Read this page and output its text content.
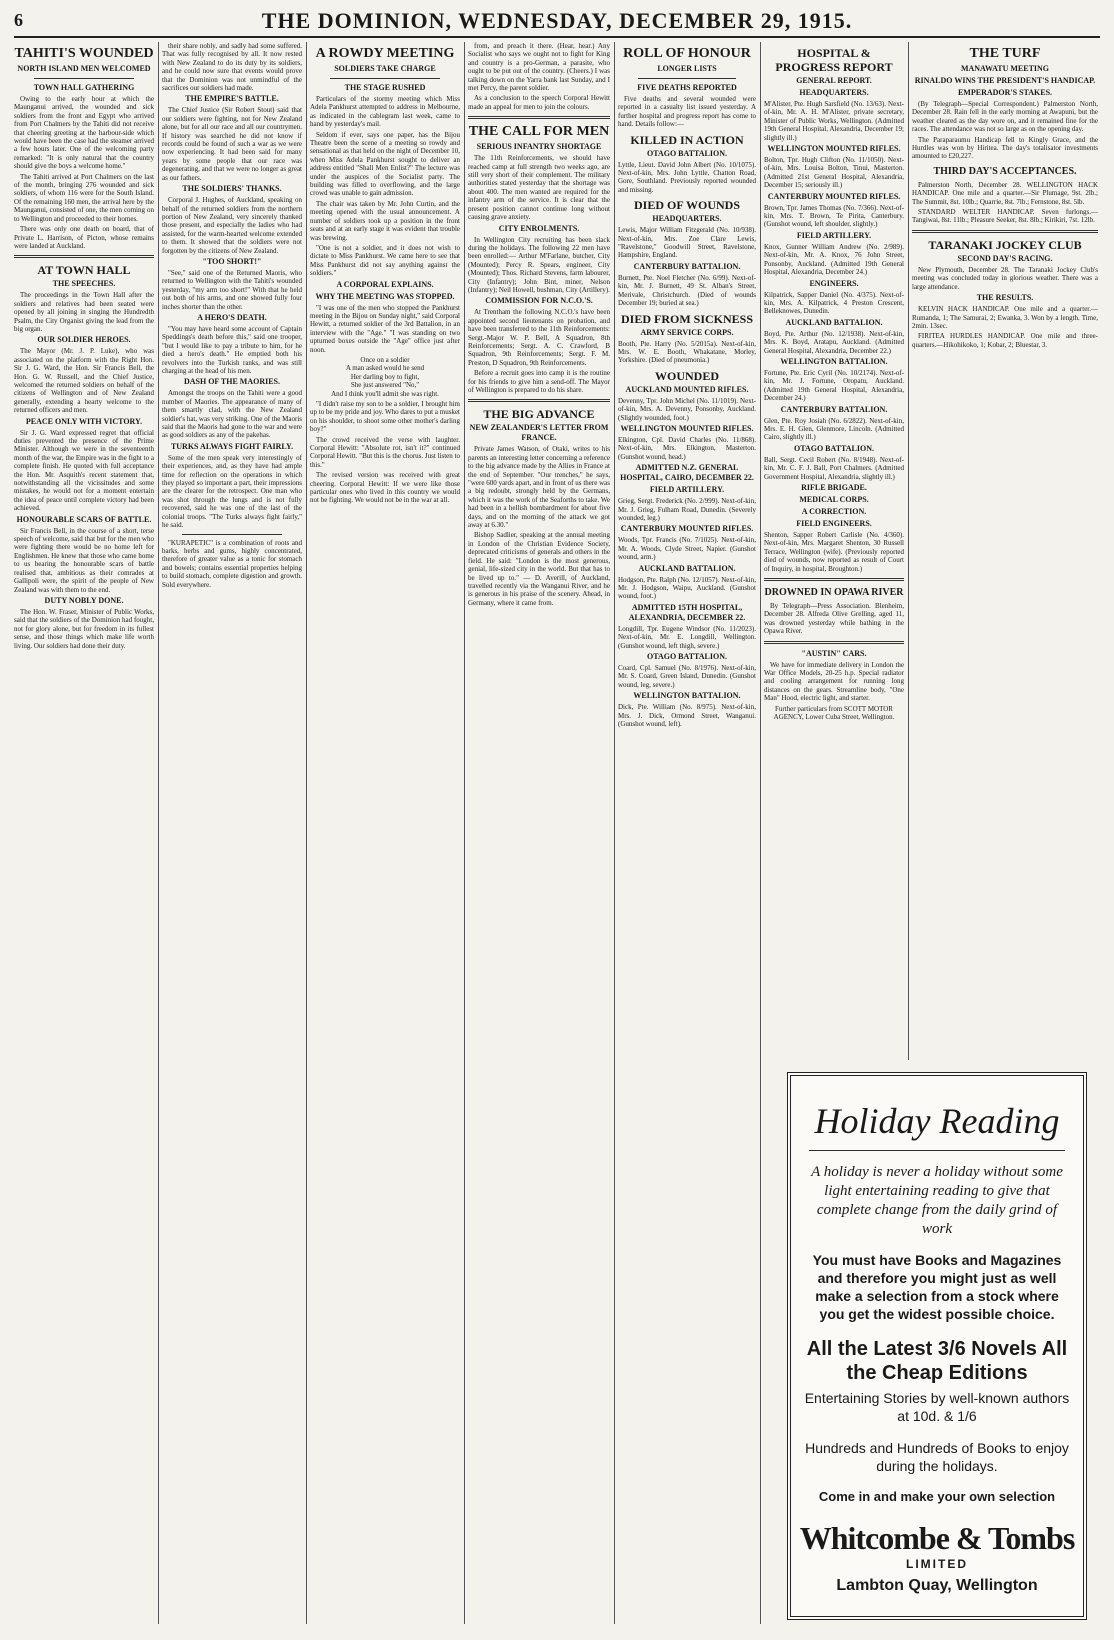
6	THE DOMINION, WEDNESDAY, DECEMBER 29, 1915.
TAHITI'S WOUNDED
NORTH ISLAND MEN WELCOMED
TOWN HALL GATHERING

Owing to the early hour at which the Maunganui arrived, the wounded and sick soldiers from the front and Egypt who arrived from Port Chalmers by the Tahiti did not receive that cheering greeting at the harbour-side which would have been the case had the steamer arrived a few hours later. One of the welcoming party remarked: "It is only natural that the country should give the boys a welcome home."

The Tahiti arrived at Port Chalmers on the last of the month, bringing 276 wounded and sick soldiers, of whom 116 were for the South Island. Of the remaining 160 men, the arrival here by the Maunganui, consisted of one, the men coming on to Wellington and proceeded to their homes.

There was only one death on board, that of Private L. Harrison, of Picton, whose remains were landed at Auckland.

AT TOWN HALL
THE SPEECHES.

The proceedings in the Town Hall after the soldiers and relatives had been seated were opened by all joining in singing the Hundredth Psalm, the City Organist giving the lead from the big organ.

OUR SOLDIER HEROES.

The Mayor (Mr. J. P. Luke), who was associated on the platform with the Right Hon. Sir J. G. Ward, the Hon. Sir Francis Bell, the Hon. G. W. Russell, and the Chief Justice, welcomed the returned soldiers on behalf of the citizens of Wellington and of New Zealand generally, extending a hearty welcome to the returned officers and men.

PEACE ONLY WITH VICTORY.

Sir J. G. Ward expressed regret that official duties prevented the presence of the Prime Minister. Although we were in the seventeenth month of the war, the Empire was in the fight to a complete finish. He quoted with full acceptance the Hon. Mr. Asquith's recent statement that, notwithstanding all the vicissitudes and some mistakes, he would not for a moment entertain the idea of peace until complete victory had been achieved.

HONOURABLE SCARS OF BATTLE.

Sir Francis Bell, in the course of a short, terse speech of welcome, said that but for the men who were fighting there would be no home left for Englishmen. He knew that those who came home to us bearing the honourable scars of battle realised that, ambitious as their comrades at Gallipoli were, the spirit of the people of New Zealand was with them to the end.

DUTY NOBLY DONE.

The Hon. W. Fraser, Minister of Public Works, said that the soldiers of the Dominion had fought, not for glory alone, but for freedom in its fullest sense, and those things which make life worth living. Our soldiers had done their duty.

their share nobly, and sadly had some suffered. That was fully recognised by all. It now rested with New Zealand to do its duty by its soldiers, and he could now sure that events would prove that the Dominion was not unmindful of the sacrifices our soldiers had made.

THE EMPIRE'S BATTLE.

The Chief Justice (Sir Robert Stout) said that our soldiers were fighting, not for New Zealand alone, but for all our race and all our countrymen. If history was searched he did not know if records could be found of such a war as we were now experiencing. It had been said for many years by some people that our race was degenerating, and that we were no longer as great as our fathers.

THE SOLDIERS' THANKS.

Corporal J. Hughes, of Auckland, speaking on behalf of the returned soldiers from the northern portion of New Zealand, very sincerely thanked those present, and especially the ladies who had assisted, for the warm-hearted welcome extended to them. It showed that the soldiers were not forgotten by the citizens of New Zealand.

"TOO SHORT!"

"See," said one of the Returned Maoris, who returned to Wellington with the Tahiti's wounded yesterday, "my arm too short!" With that he held out both of his arms, and one showed fully four inches shorter than the other.

A HERO'S DEATH.

"You may have heard some account of Captain Speddings's death before this," said one trooper, "but I would like to pay a tribute to him, for he died a hero's death." He emptied both his revolvers into the Turkish ranks, and was still charging at the head of his men.

DASH OF THE MAORIES.

Amongst the troops on the Tahiti were a good number of Maories. The appearance of many of them smartly clad, with the New Zealand soldier's hat, was very striking. One of the Maoris said that the Maoris had gone to the war and were as good soldiers as any of the pakehas.

TURKS ALWAYS FIGHT FAIRLY.

Some of the men speak very interestingly of their experiences, and, as they have had ample time for reflection on the operations in which they played so important a part, their impressions are the clearer for the retrospect. One man who was shot through the lungs and is not fully recovered, said he was one of the last of the colonial troops. "The Turks always fight fairly," he said.

"KURAPETIC" is a combination of roots and barks, herbs and gums, highly concentrated, therefore of greater value as a tonic for stomach and bowels; contains essential properties helping to build stomach, complete digestion and growth. Sold everywhere.

A ROWDY MEETING
SOLDIERS TAKE CHARGE
THE STAGE RUSHED

Particulars of the stormy meeting which Miss Adela Pankhurst attempted to address in Melbourne, as indicated in the cablegram last week, came to hand by yesterday's mail.

Seldom if ever, says one paper, has the Bijou Theatre been the scene of a meeting so rowdy and sensational as that held on the night of December 10, when Miss Adela Pankhurst sought to deliver an address entitled "Shall Men Enlist?" The lecture was under the auspices of the Socialist party. The building was filled to overflowing, and the large crowd was unable to gain admission.

The chair was taken by Mr. John Curtin, and the meeting opened with the usual announcement. A number of soldiers took up a position in the front seats and at an early stage it was evident that trouble was brewing.

"One is not a soldier, and it does not wish to dictate to Miss Pankhurst. We came here to see that Miss Pankhurst did not say anything against the soldiers."

A CORPORAL EXPLAINS.
WHY THE MEETING WAS STOPPED.

"I was one of the men who stopped the Pankhurst meeting in the Bijou on Sunday night," said Corporal Hewitt, a returned soldier of the 3rd Battalion, in an interview with the "Age." "I was standing on two upturned boxes outside the "Age" office just after noon.

Once on a soldier
A man asked would he send
Her darling boy to fight,
She just answered "No,"
And I think you'll admit she was right.

"I didn't raise my son to be a soldier, I brought him up to be my pride and joy. Who dares to put a musket on his shoulder, to shoot some other mother's darling boy?"

The crowd received the verse with laughter. Corporal Hewitt: "Absolute rot, isn't it?" continued Corporal Hewitt. "But this is the chorus. Just listen to this."

The revised version was received with great cheering. Corporal Hewitt: If we were like those particular ones who lived in this country we would not be fighting. We would not be in the war at all.

from, and preach it there. (Hear, hear.) Any Socialist who says we ought not to fight for King and country is a pro-German, a parasite, who ought to be put out of the country. (Cheers.) I was talking down on the Yarra bank last Sunday, and I met Percy, the parent soldier.

As a conclusion to the speech Corporal Hewitt made an appeal for men to join the colours.

THE CALL FOR MEN
SERIOUS INFANTRY SHORTAGE

The 11th Reinforcements, we should have reached camp at full strength two weeks ago, are still very short of their complement. The military authorities stated yesterday that the shortage was about 400. The men wanted are required for the infantry arm of the service. It is clear that the present position cannot continue long without causing grave anxiety.

CITY ENROLMENTS.

In Wellington City recruiting has been slack during the holidays. The following 22 men have been enrolled:— Arthur M'Farlane, butcher, City (Mounted); Percy R. Spears, engineer, City (Mounted); Thos. Richard Stevens, farm labourer, City (Infantry); John Bint, miner, Nelson (Infantry); Neil Howell, bushman, City (Artillery).

COMMISSION FOR N.C.O.'S.

At Trentham the following N.C.O.'s have been appointed second lieutenants on probation, and have been transferred to the 11th Reinforcements: Sergt.-Major W. P. Bell, A Squadron, 8th Reinforcements; Sergt. A. C. Crawford, B Squadron, 9th Reinforcements; Sergt. F. M. Preston, D Squadron, 9th Reinforcements.

Before a recruit goes into camp it is the routine for his friends to give him a send-off. The Mayor of Wellington is prepared to do his share.

THE BIG ADVANCE
NEW ZEALANDER'S LETTER FROM FRANCE.

Private James Watson, of Otaki, writes to his parents an interesting letter concerning a reference to the big advance made by the Allies in France at the end of September. "Our trenches," he says, "were 600 yards apart, and in front of us there was a big redoubt, strongly held by the Germans, which it was the work of the Seaforths to take. We had been in a hellish bombardment for about five days, and on the morning of the attack we got away at 6.30."

Bishop Sadlier, speaking at the annual meeting in London of the Christian Evidence Society, deprecated criticisms of generals and others in the field. He said: "London is the most generous, genial, life-sized city in the world. But that has to be lived up to." — D. Averill, of Auckland, travelled recently via the Wanganui River, and he is generous in his praise of the scenery. Ahead, in Germany, where it came from.

ROLL OF HONOUR
LONGER LISTS
FIVE DEATHS REPORTED

Five deaths and several wounded were reported in a casualty list issued yesterday. A further hospital and progress report has come to hand. Details follow:—

KILLED IN ACTION
OTAGO BATTALION.

Lyttle, Lieut. David John Albert (No. 10/1075). Next-of-kin, Mrs. John Lyttle, Chatton Road, Gore, Southland. Previously reported wounded and missing.

DIED OF WOUNDS
HEADQUARTERS.

Lewis, Major William Fitzgerald (No. 10/938). Next-of-kin, Mrs. Zoe Clare Lewis, "Ravelstone," Goodwill Street, Ravelstone, Hampshire, England.

CANTERBURY BATTALION.

Burnett, Pte. Noel Fletcher (No. 6/99). Next-of-kin, Mr. J. Burnett, 49 St. Alban's Street, Merivale, Christchurch. (Died of wounds December 19; buried at sea.)

DIED FROM SICKNESS
ARMY SERVICE CORPS.

Booth, Pte. Harry (No. 5/2015a). Next-of-kin, Mrs. W. E. Booth, Whakatane, Morley, Yorkshire. (Died of pneumonia.)

WOUNDED
AUCKLAND MOUNTED RIFLES.

Devenny, Tpr. John Michel (No. 11/1019). Next-of-kin, Mrs. A. Devenny, Ponsonby, Auckland. (Slightly wounded, foot.)

WELLINGTON MOUNTED RIFLES.

Elkington, Cpl. David Charles (No. 11/868). Next-of-kin, Mrs. Elkington, Masterton. (Gunshot wound, head.)

ADMITTED N.Z. GENERAL HOSPITAL, CAIRO, DECEMBER 22.
FIELD ARTILLERY.

Grieg, Sergt. Frederick (No. 2/999). Next-of-kin, Mr. J. Grieg, Fulham Road, Dunedin. (Severely wounded, leg.)

CANTERBURY MOUNTED RIFLES.

Woods, Tpr. Francis (No. 7/1025). Next-of-kin, Mr. A. Woods, Clyde Street, Napier. (Gunshot wound, arm.)

AUCKLAND BATTALION.

Hodgson, Pte. Ralph (No. 12/1057). Next-of-kin, Mr. J. Hodgson, Waipu, Auckland. (Gunshot wound, foot.)

ADMITTED 15TH HOSPITAL, ALEXANDRIA, DECEMBER 22.

Longdill, Tpr. Eugene Windsor (No. 11/2023). Next-of-kin, Mr. E. Longdill, Wellington. (Gunshot wound, left thigh, severe.)

OTAGO BATTALION.

Coard, Cpl. Samuel (No. 8/1976). Next-of-kin, Mr. S. Coard, Green Island, Dunedin. (Gunshot wound, leg, severe.)

WELLINGTON BATTALION.

Dick, Pte. William (No. 8/975). Next-of-kin, Mrs. J. Dick, Ormond Street, Wanganui. (Gunshot wound, left).

HOSPITAL & PROGRESS REPORT
GENERAL REPORT.
HEADQUARTERS.

M'Alister, Pte. Hugh Sarsfield (No. 13/63). Next-of-kin, Mr. A. H. M'Alister, private secretary, Minister of Public Works, Wellington. (Admitted 19th General Hospital, Alexandria, December 19; slightly ill.)

WELLINGTON MOUNTED RIFLES.

Bolton, Tpr. Hugh Clifton (No. 11/1050). Next-of-kin, Mrs. Louisa Bolton, Tinui, Masterton. (Admitted 21st General Hospital, Alexandria, December 15; seriously ill.)

CANTERBURY MOUNTED RIFLES.

Brown, Tpr. James Thomas (No. 7/366). Next-of-kin, Mrs. T. Brown, Te Pirita, Canterbury. (Gunshot wound, left shoulder, slightly.)

FIELD ARTILLERY.

Knox, Gunner William Andrew (No. 2/989). Next-of-kin, Mr. A. Knox, 76 John Street, Ponsonby, Auckland. (Admitted 19th General Hospital, Alexandria, December 24.)

ENGINEERS.

Kilpatrick, Sapper Daniel (No. 4/375). Next-of-kin, Mrs. A. Kilpatrick, 4 Preston Crescent, Belleknowes, Dunedin.

AUCKLAND BATTALION.

Boyd, Pte. Arthur (No. 12/1938). Next-of-kin, Mrs. K. Boyd, Aratapu, Auckland. (Admitted General Hospital, Alexandria, December 22.)

WELLINGTON BATTALION.

Fortune, Pte. Eric Cyril (No. 10/2174). Next-of-kin, Mr. J. Fortune, Oropatu, Auckland. (Admitted 19th General Hospital, Alexandria, December 24.)

CANTERBURY BATTALION.

Glen, Pte. Roy Josiah (No. 6/2822). Next-of-kin, Mrs. E. H. Glen, Glenmore, Lincoln. (Admitted Cairo, slightly ill.)

OTAGO BATTALION.

Ball, Sergt. Cecil Robert (No. 8/1948). Next-of-kin, Mr. C. F. J. Ball, Port Chalmers. (Admitted Government Hospital, Alexandria, slightly ill.)

RIFLE BRIGADE.
MEDICAL CORPS.
A CORRECTION.
FIELD ENGINEERS.

Shenton, Sapper Robert Carlisle (No. 4/360). Next-of-kin, Mrs. Margaret Shenton, 30 Russell Terrace, Wellington (wife). (Previously reported died of wounds, now reported as result of Court of Inquiry, in hospital, Broughton.)

DROWNED IN OPAWA RIVER

By Telegraph—Press Association. Blenheim, December 28. Alfreda Olive Grelling, aged 11, was drowned yesterday while bathing in the Opawa River.

"AUSTIN" CARS.

We have for immediate delivery in London the War Office Models, 20-25 h.p. Special radiator and cooling arrangement for running long distances on the gears. Streamline body, "One Man" Hood, electric light, and starter.

Further particulars from SCOTT MOTOR AGENCY, Lower Cuba Street, Wellington.

THE TURF
MANAWATU MEETING
RINALDO WINS THE PRESIDENT'S HANDICAP.
EMPERADOR'S STAKES.

(By Telegraph—Special Correspondent.) Palmerston North, December 28. Rain fell in the early morning at Awapuni, but the weather cleared as the day wore on, and it remained fine for the races. The attendance was not so large as on the opening day.

The Paraparaumu Handicap fell to Kingly Grace, and the Hurdles was won by Hiritea. The day's totalisator investments amounted to £20,227.

THIRD DAY'S ACCEPTANCES.

Palmerston North, December 28. WELLINGTON HACK HANDICAP. One mile and a quarter.—Sir Plumage, 9st. 2lb.; The Summit, 8st. 10lb.; Quarrie, 8st. 7lb.; Fernstone, 8st. 5lb.

STANDARD WELTER HANDICAP. Seven furlongs.—Tangiwai, 8st. 11lb.; Pleasure Seeker, 8st. 8lb.; Kirikiri, 7st. 12lb.

TARANAKI JOCKEY CLUB
SECOND DAY'S RACING.

New Plymouth, December 28. The Taranaki Jockey Club's meeting was concluded today in glorious weather. There was a large attendance.

THE RESULTS.

KELVIN HACK HANDICAP. One mile and a quarter.—Rumanda, 1; The Samurai, 2; Ewanka, 3. Won by a length. Time, 2min. 13sec.

FIRITEA HURDLES HANDICAP. One mile and three-quarters.—Hikohikoko, 1; Kobar, 2; Bluestar, 3.

Holiday Reading
A holiday is never a holiday without some light entertaining reading to give that complete change from the daily grind of work
You must have Books and Magazines and therefore you might just as well make a selection from a stock where you get the widest possible choice.
All the Latest 3/6 Novels All the Cheap Editions
Entertaining Stories by well-known authors at 10d. & 1/6
Hundreds and Hundreds of Books to enjoy during the holidays.
Come in and make your own selection
Whitcombe & Tombs
LIMITED
Lambton Quay, Wellington
